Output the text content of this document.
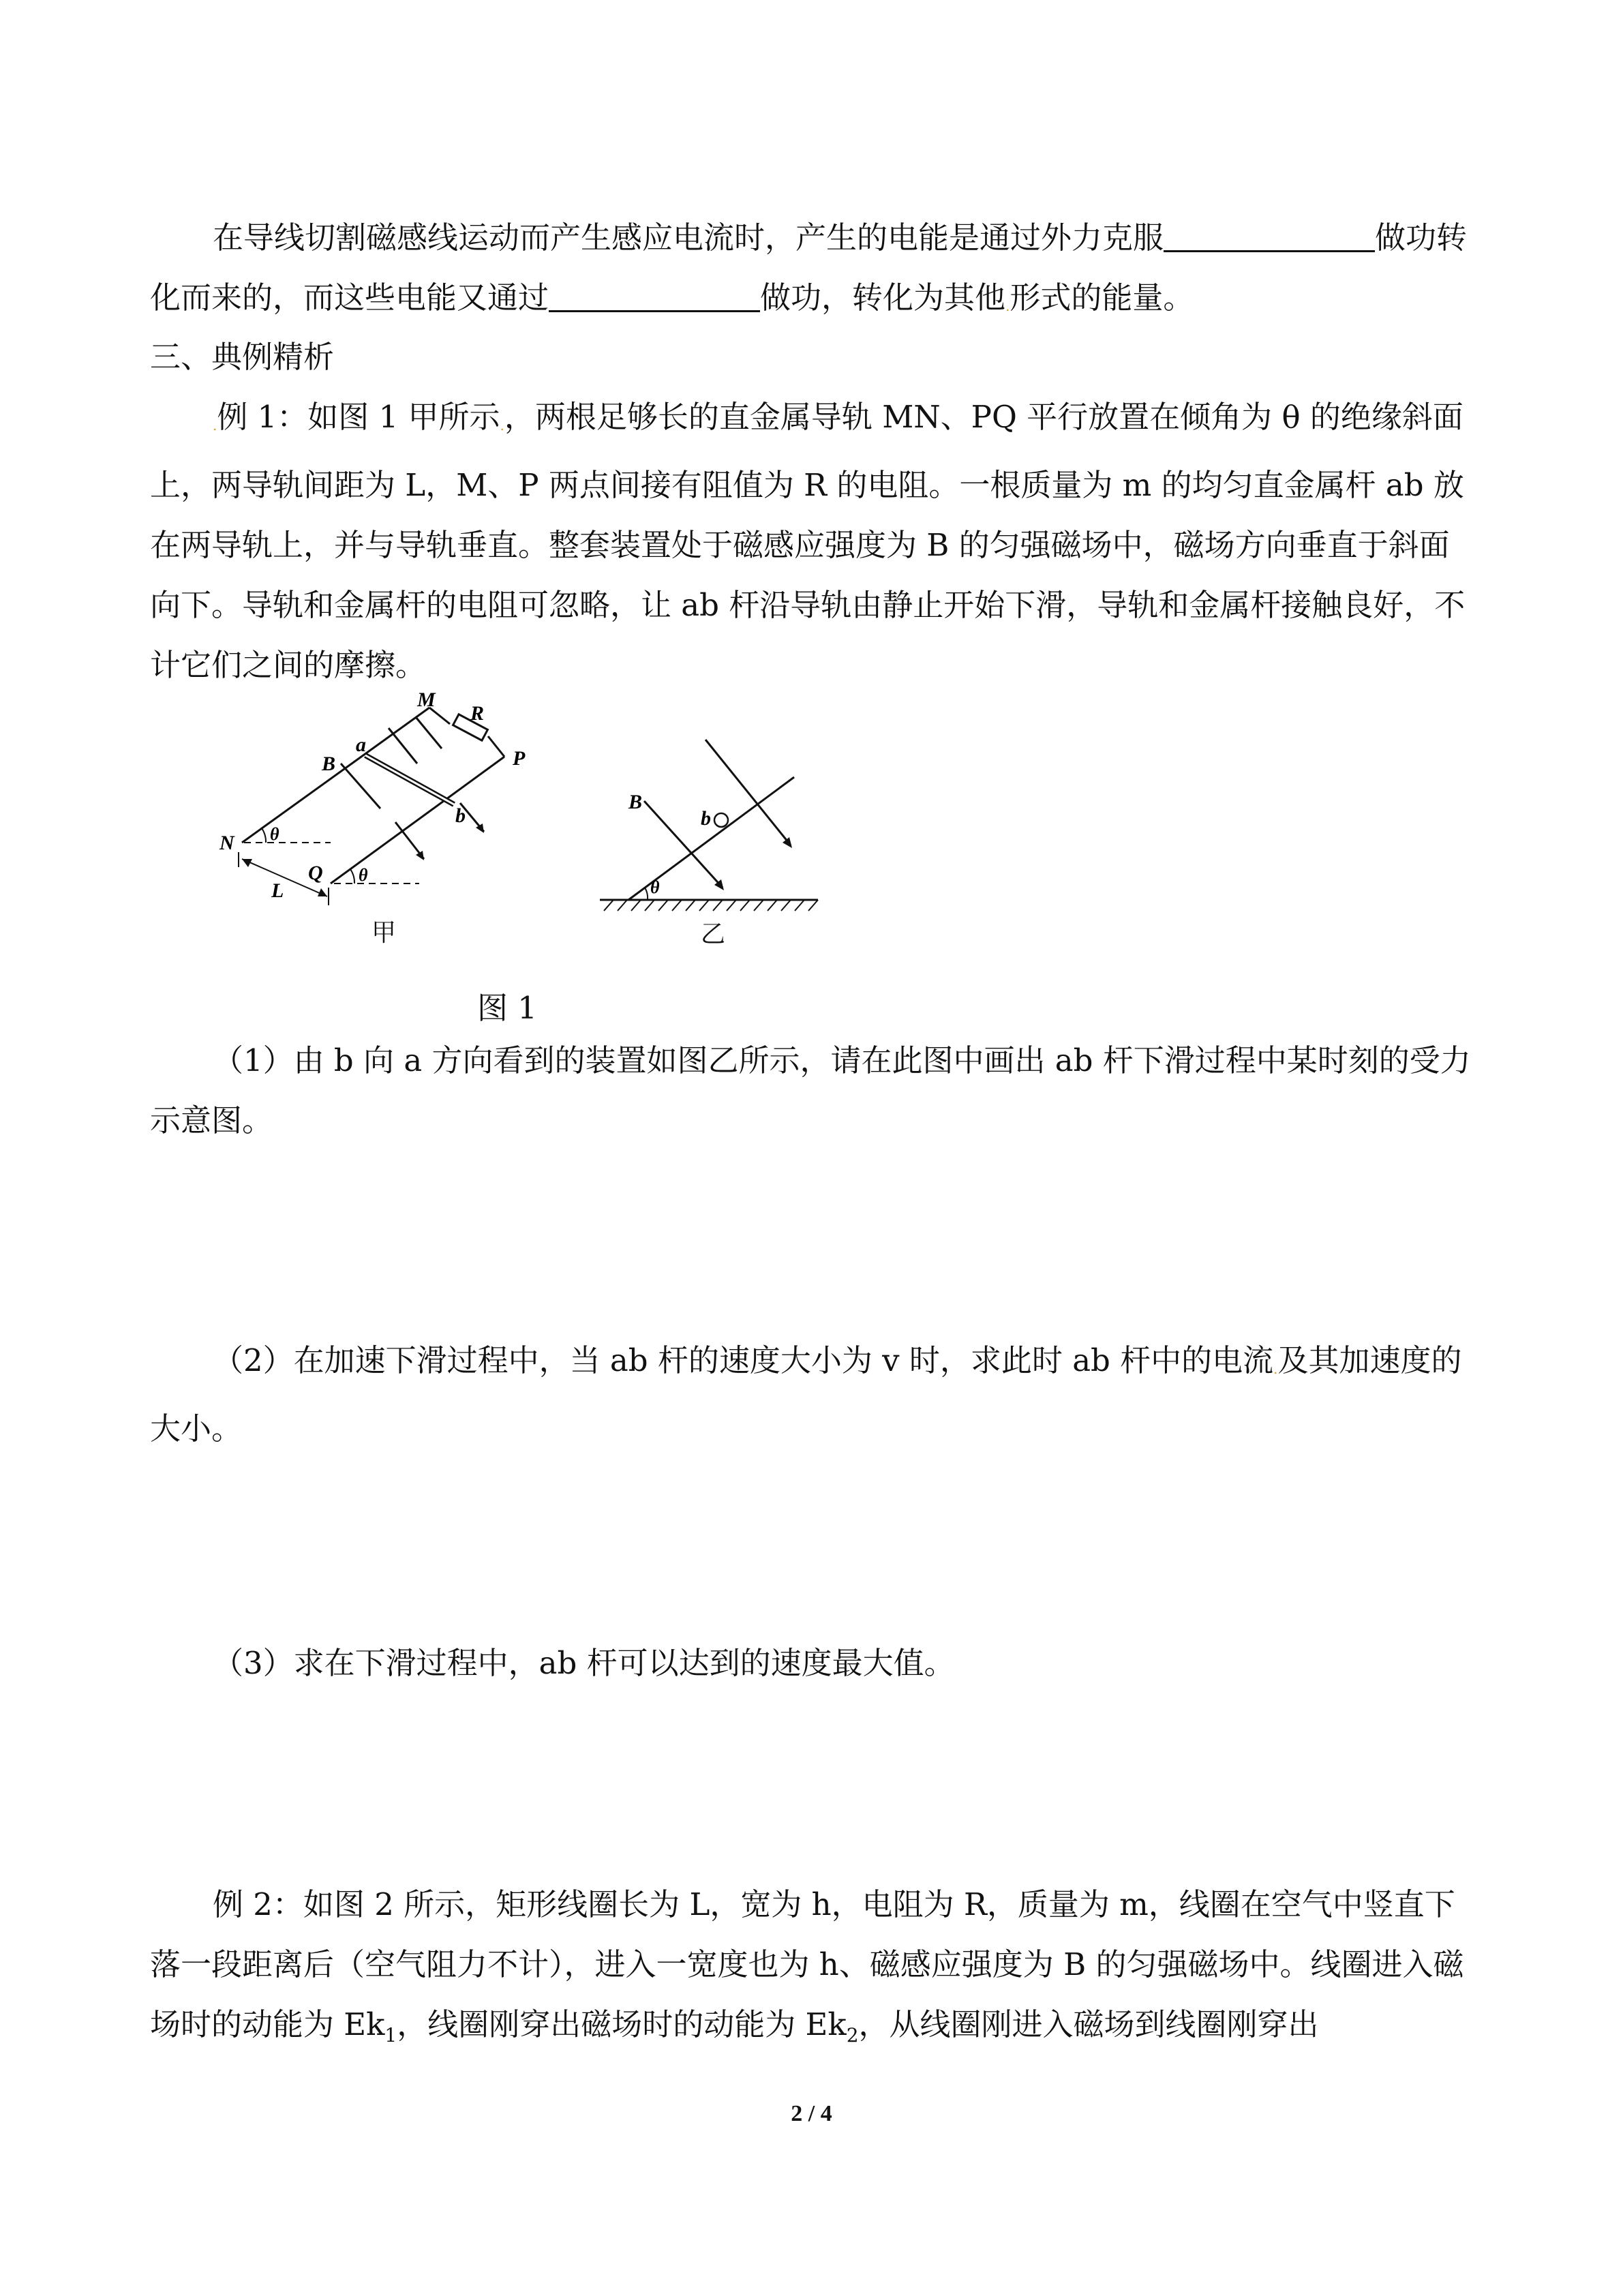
在导线切割磁感线运动而产生感应电流时，产生的电能是通过外力克服	做功转化而来的，而这些电能又通过	做功，转化为其他.形式的能量。

三、典例精析

.例 1：如图 1 甲所示.，两根足够长的直金属导轨 MN、PQ 平行放置在倾角为 θ 的绝缘斜面上，两导轨间距为 L，M、P 两点间接有阻值为 R 的电阻。一根质量为 m 的均匀直金属杆 ab 放在两导轨上，并与导轨垂直。整套装置处于磁感应强度为 B 的匀强磁场中，磁场方向垂直于斜面向下。导轨和金属杆的电阻可忽略，让 ab 杆沿导轨由静止开始下滑，导轨和金属杆接触良好，不计它们之间的摩擦。

M
R
a
B	P
b
N θ
Q θ
L
甲
B
b
θ
乙
图 1

（1）由 b 向 a 方向看到的装置如图乙所示，请在此图中画出 ab 杆下滑过程中某时刻的受力示意图。

（2）在加速下滑过程中，当 ab 杆的速度大小为 v 时，求此时 ab 杆中的电流.及其加速度的大小。

（3）求在下滑过程中，ab 杆可以达到的速度最大值。

例 2：如图 2 所示，矩形线圈长为 L，宽为 h，电阻为 R，质量为 m，线圈在空气中竖直下落一段距离后（空气阻力不计），进入一宽度也为 h、磁感应强度为 B 的匀强磁场中。线圈进入磁场时的动能为 $Ek_1$，线圈刚穿出磁场时的动能为 $Ek_2$，从线圈刚进入磁场到线圈刚穿出

2 / 4
